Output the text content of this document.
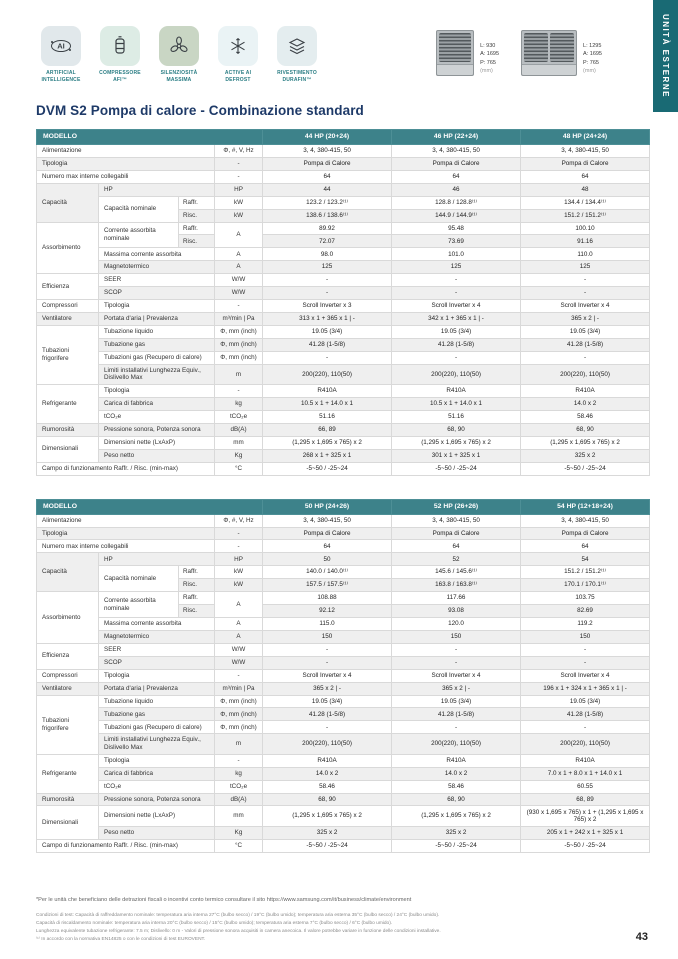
UNITÀ ESTERNE
AI
ARTIFICIAL INTELLIGENCE
COMPRESSORE AFI™
SILENZIOSITÀ MASSIMA
ACTIVE AI DEFROST
RIVESTIMENTO DURAFIN™
L: 930
A: 1695
P: 765
(mm)
L: 1295
A: 1695
P: 765
(mm)
DVM S2 Pompa di calore - Combinazione standard
MODELLO				44 HP (20+24)	46 HP (22+24)	48 HP (24+24)
Alimentazione			Φ, #, V, Hz	3, 4, 380-415, 50	3, 4, 380-415, 50	3, 4, 380-415, 50
Tipologia			-	Pompa di Calore	Pompa di Calore	Pompa di Calore
Numero max interne collegabili			-	64	64	64
Capacità	HP		HP	44	46	48
	Capacità nominale	Raffr.	kW	123.2 / 123.2⁽¹⁾	128.8 / 128.8⁽¹⁾	134.4 / 134.4⁽¹⁾
		Risc.	kW	138.6 / 138.6⁽¹⁾	144.9 / 144.9⁽¹⁾	151.2 / 151.2⁽¹⁾
Assorbimento	Corrente assorbita nominale	Raffr.	A	89.92	95.48	100.10
		Risc.		72.07	73.69	91.16
	Massima corrente assorbita		A	98.0	101.0	110.0
	Magnetotermico		A	125	125	125
Efficienza	SEER		W/W	-	-	-
	SCOP		W/W	-	-	-
Compressori	Tipologia		-	Scroll Inverter x 3	Scroll Inverter x 4	Scroll Inverter x 4
Ventilatore	Portata d'aria | Prevalenza		m³/min | Pa	313 x 1 + 365 x 1 | -	342 x 1 + 365 x 1 | -	365 x 2 | -
Tubazioni frigorifere	Tubazione liquido		Φ, mm (inch)	19.05 (3/4)	19.05 (3/4)	19.05 (3/4)
	Tubazione gas		Φ, mm (inch)	41.28 (1-5/8)	41.28 (1-5/8)	41.28 (1-5/8)
	Tubazioni gas (Recupero di calore)		Φ, mm (inch)	-	-	-
	Limiti installativi Lunghezza Equiv., Dislivello Max		m	200(220), 110(50)	200(220), 110(50)	200(220), 110(50)
Refrigerante	Tipologia		-	R410A	R410A	R410A
	Carica di fabbrica		kg	10.5 x 1 + 14.0 x 1	10.5 x 1 + 14.0 x 1	14.0 x 2
	tCO₂e		tCO₂e	51.16	51.16	58.46
Rumorosità	Pressione sonora, Potenza sonora		dB(A)	66, 89	68, 90	68, 90
Dimensionali	Dimensioni nette (LxAxP)		mm	(1,295 x 1,695 x 765) x 2	(1,295 x 1,695 x 765) x 2	(1,295 x 1,695 x 765) x 2
	Peso netto		Kg	268 x 1 + 325 x 1	301 x 1 + 325 x 1	325 x 2
Campo di funzionamento Raffr. / Risc. (min-max)			°C	-5~50 / -25~24	-5~50 / -25~24	-5~50 / -25~24
MODELLO				50 HP (24+26)	52 HP (26+26)	54 HP (12+18+24)
Alimentazione			Φ, #, V, Hz	3, 4, 380-415, 50	3, 4, 380-415, 50	3, 4, 380-415, 50
Tipologia			-	Pompa di Calore	Pompa di Calore	Pompa di Calore
Numero max interne collegabili			-	64	64	64
Capacità	HP		HP	50	52	54
	Capacità nominale	Raffr.	kW	140.0 / 140.0⁽¹⁾	145.6 / 145.6⁽¹⁾	151.2 / 151.2⁽¹⁾
		Risc.	kW	157.5 / 157.5⁽¹⁾	163.8 / 163.8⁽¹⁾	170.1 / 170.1⁽¹⁾
Assorbimento	Corrente assorbita nominale	Raffr.	A	108.88	117.66	103.75
		Risc.		92.12	93.08	82.69
	Massima corrente assorbita		A	115.0	120.0	119.2
	Magnetotermico		A	150	150	150
Efficienza	SEER		W/W	-	-	-
	SCOP		W/W	-	-	-
Compressori	Tipologia		-	Scroll Inverter x 4	Scroll Inverter x 4	Scroll Inverter x 4
Ventilatore	Portata d'aria | Prevalenza		m³/min | Pa	365 x 2 | -	365 x 2 | -	196 x 1 + 324 x 1 + 365 x 1 | -
Tubazioni frigorifere	Tubazione liquido		Φ, mm (inch)	19.05 (3/4)	19.05 (3/4)	19.05 (3/4)
	Tubazione gas		Φ, mm (inch)	41.28 (1-5/8)	41.28 (1-5/8)	41.28 (1-5/8)
	Tubazioni gas (Recupero di calore)		Φ, mm (inch)	-	-	-
	Limiti installativi Lunghezza Equiv., Dislivello Max		m	200(220), 110(50)	200(220), 110(50)	200(220), 110(50)
Refrigerante	Tipologia		-	R410A	R410A	R410A
	Carica di fabbrica		kg	14.0 x 2	14.0 x 2	7.0 x 1 + 8.0 x 1 + 14.0 x 1
	tCO₂e		tCO₂e	58.46	58.46	60.55
Rumorosità	Pressione sonora, Potenza sonora		dB(A)	68, 90	68, 90	68, 89
Dimensionali	Dimensioni nette (LxAxP)		mm	(1,295 x 1,695 x 765) x 2	(1,295 x 1,695 x 765) x 2	(930 x 1,695 x 765) x 1 + (1,295 x 1,695 x 765) x 2
	Peso netto		Kg	325 x 2	325 x 2	205 x 1 + 242 x 1 + 325 x 1
Campo di funzionamento Raffr. / Risc. (min-max)			°C	-5~50 / -25~24	-5~50 / -25~24	-5~50 / -25~24
*Per le unità che beneficiano delle detrazioni fiscali o incentivi conto termico consultare il sito https://www.samsung.com/it/business/climate/environment
Condizioni di test: Capacità di raffreddamento nominale: temperatura aria interna 27°C (bulbo secco) / 19°C (bulbo umido); temperatura aria esterna 35°C (bulbo secco) / 24°C (bulbo umido).
Capacità di riscaldamento nominale: temperatura aria interna 20°C (bulbo secco) / 15°C (bulbo umido); temperatura aria esterna 7°C (bulbo secco) / 6°C (bulbo umido).
Lunghezza equivalente tubazione refrigerante: 7.5 m; Dislivello: 0 m - Valori di pressione sonora acquisiti in camera anecoica. Il valore potrebbe variare in funzione delle condizioni installative.
⁽¹⁾ In accordo con la normativa EN14825 o con le condizioni di test EUROVENT.	43
